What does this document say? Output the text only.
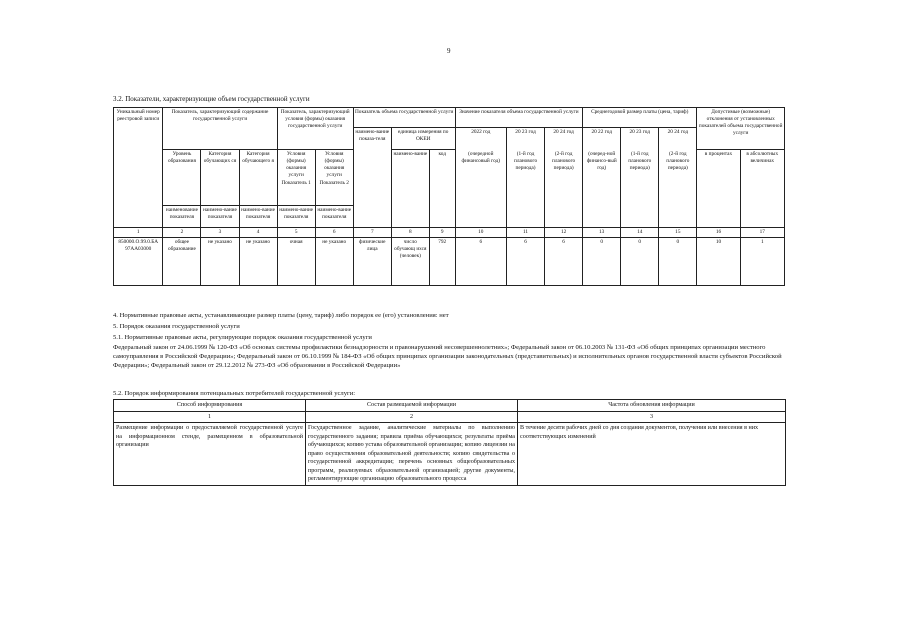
9
3.2. Показатели, характеризующие объем государственной услуги
Уникальный номер реестровой записи	Показатель, характеризующий содержание государственной услуги			Показатель, характеризующий условия (формы) оказания государственной услуги		Показатель объема государственной услуги			Значение показателя объема государственной услуги			Среднегодовой размер платы (цена, тариф)			Допустимые (возможные) отклонения от установленных показателей объема государственной услуги	
						наимено-вание показа-теля	единица измерения по ОКЕИ		2022 год	20 23 год	20 24 год	20 22 год	20 23 год	20 24 год		
	Уровень образования	Категория обучающих ся	Категория обучающего я	Условия (формы) оказания услуги Показатель 1	Условия (формы) оказания услуги Показатель 2		наимено-вание	код	(очередной финансовый год)	(1-й год планового периода)	(2-й год планового периода)	(очеред-ной финансо-вый год)	(1-й год планового периода)	(2-й год планового периода)	в процентах	в абсолютных величинах

	наименование показателя	наимено-вание показателя	наимено-вание показателя	наимено-вание показателя	наимено-вание показателя											
1	2	3	4	5	6	7	8	9	10	11	12	13	14	15	16	17
850000.О.99.0.БА 97АА03000	общее образование	не указано	не указано	очная	не указано	физические лица	число обучающ ихся (человек)	792	6	6	6	0	0	0	10	1
4. Нормативные правовые акты, устанавливающие размер платы (цену, тариф) либо порядок ее (его) установления: нет
5. Порядок оказания государственной услуги
5.1. Нормативные правовые акты, регулирующие порядок оказания государственной услуги
Федеральный закон от 24.06.1999 № 120-ФЗ «Об основах системы профилактики безнадзорности и правонарушений несовершеннолетних»; Федеральный закон от 06.10.2003 № 131-ФЗ «Об общих принципах организации местного самоуправления в Российской Федерации»; Федеральный закон от 06.10.1999 № 184-ФЗ «Об общих принципах организации законодательных (представительных) и исполнительных органов государственной власти субъектов Российской Федерации»; Федеральный закон от 29.12.2012 № 273-ФЗ «Об образовании в Российской Федерации»
5.2. Порядок информирования потенциальных потребителей государственной услуги:
Способ информирования	Состав размещаемой информации	Частота обновления информации
1	2	3
Размещение информации о предоставляемой государственной услуге на информационном стенде, размещенном в образовательной организации	Государственное задание, аналитические материалы по выполнению государственного задания; правила приёма обучающихся; результаты приёма обучающихся; копию устава образовательной организации; копию лицензии на право осуществления образовательной деятельности; копию свидетельства о государственной аккредитации; перечень основных общеобразовательных программ, реализуемых образовательной организацией; другие документы, регламентирующие организацию образовательного процесса	В течение десяти рабочих дней со дня создания документов, получения или внесения в них соответствующих изменений
